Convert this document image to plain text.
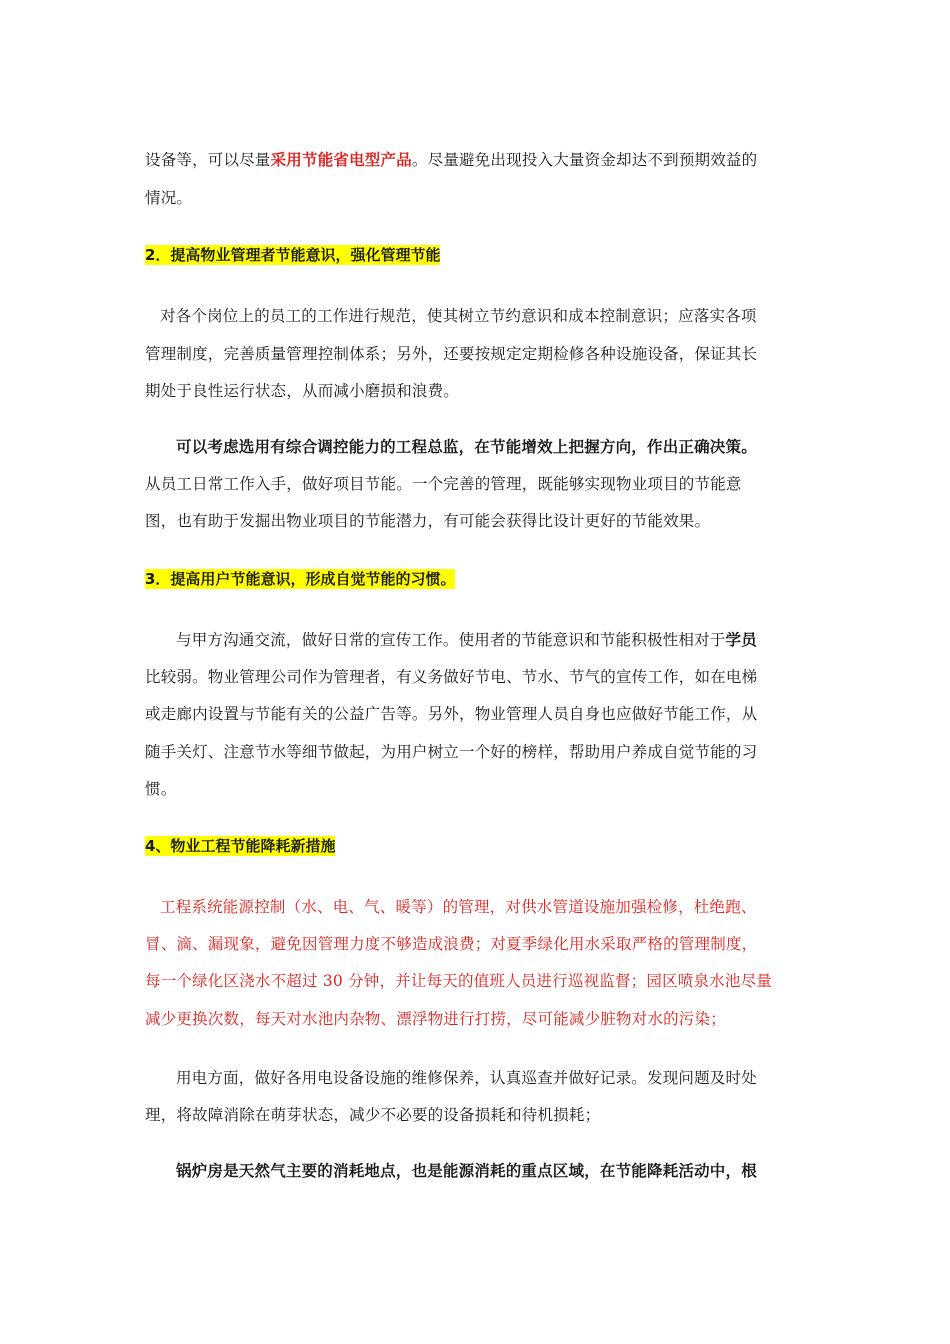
设备等，可以尽量采用节能省电型产品。尽量避免出现投入大量资金却达不到预期效益的
情况。
2．提高物业管理者节能意识，强化管理节能
对各个岗位上的员工的工作进行规范，使其树立节约意识和成本控制意识；应落实各项
管理制度，完善质量管理控制体系；另外，还要按规定定期检修各种设施设备，保证其长
期处于良性运行状态，从而减小磨损和浪费。
可以考虑选用有综合调控能力的工程总监，在节能增效上把握方向，作出正确决策。
从员工日常工作入手，做好项目节能。一个完善的管理，既能够实现物业项目的节能意
图，也有助于发掘出物业项目的节能潜力，有可能会获得比设计更好的节能效果。
3．提高用户节能意识，形成自觉节能的习惯。
与甲方沟通交流，做好日常的宣传工作。使用者的节能意识和节能积极性相对于学员
比较弱。物业管理公司作为管理者，有义务做好节电、节水、节气的宣传工作，如在电梯
或走廊内设置与节能有关的公益广告等。另外，物业管理人员自身也应做好节能工作，从
随手关灯、注意节水等细节做起，为用户树立一个好的榜样，帮助用户养成自觉节能的习
惯。
4、物业工程节能降耗新措施
工程系统能源控制（水、电、气、暖等）的管理，对供水管道设施加强检修，杜绝跑、
冒、滴、漏现象，避免因管理力度不够造成浪费；对夏季绿化用水采取严格的管理制度，
每一个绿化区浇水不超过 30 分钟，并让每天的值班人员进行巡视监督；园区喷泉水池尽量
减少更换次数，每天对水池内杂物、漂浮物进行打捞，尽可能减少脏物对水的污染；
用电方面，做好各用电设备设施的维修保养，认真巡查并做好记录。发现问题及时处
理，将故障消除在萌芽状态，减少不必要的设备损耗和待机损耗；
锅炉房是天然气主要的消耗地点，也是能源消耗的重点区域，在节能降耗活动中，根
